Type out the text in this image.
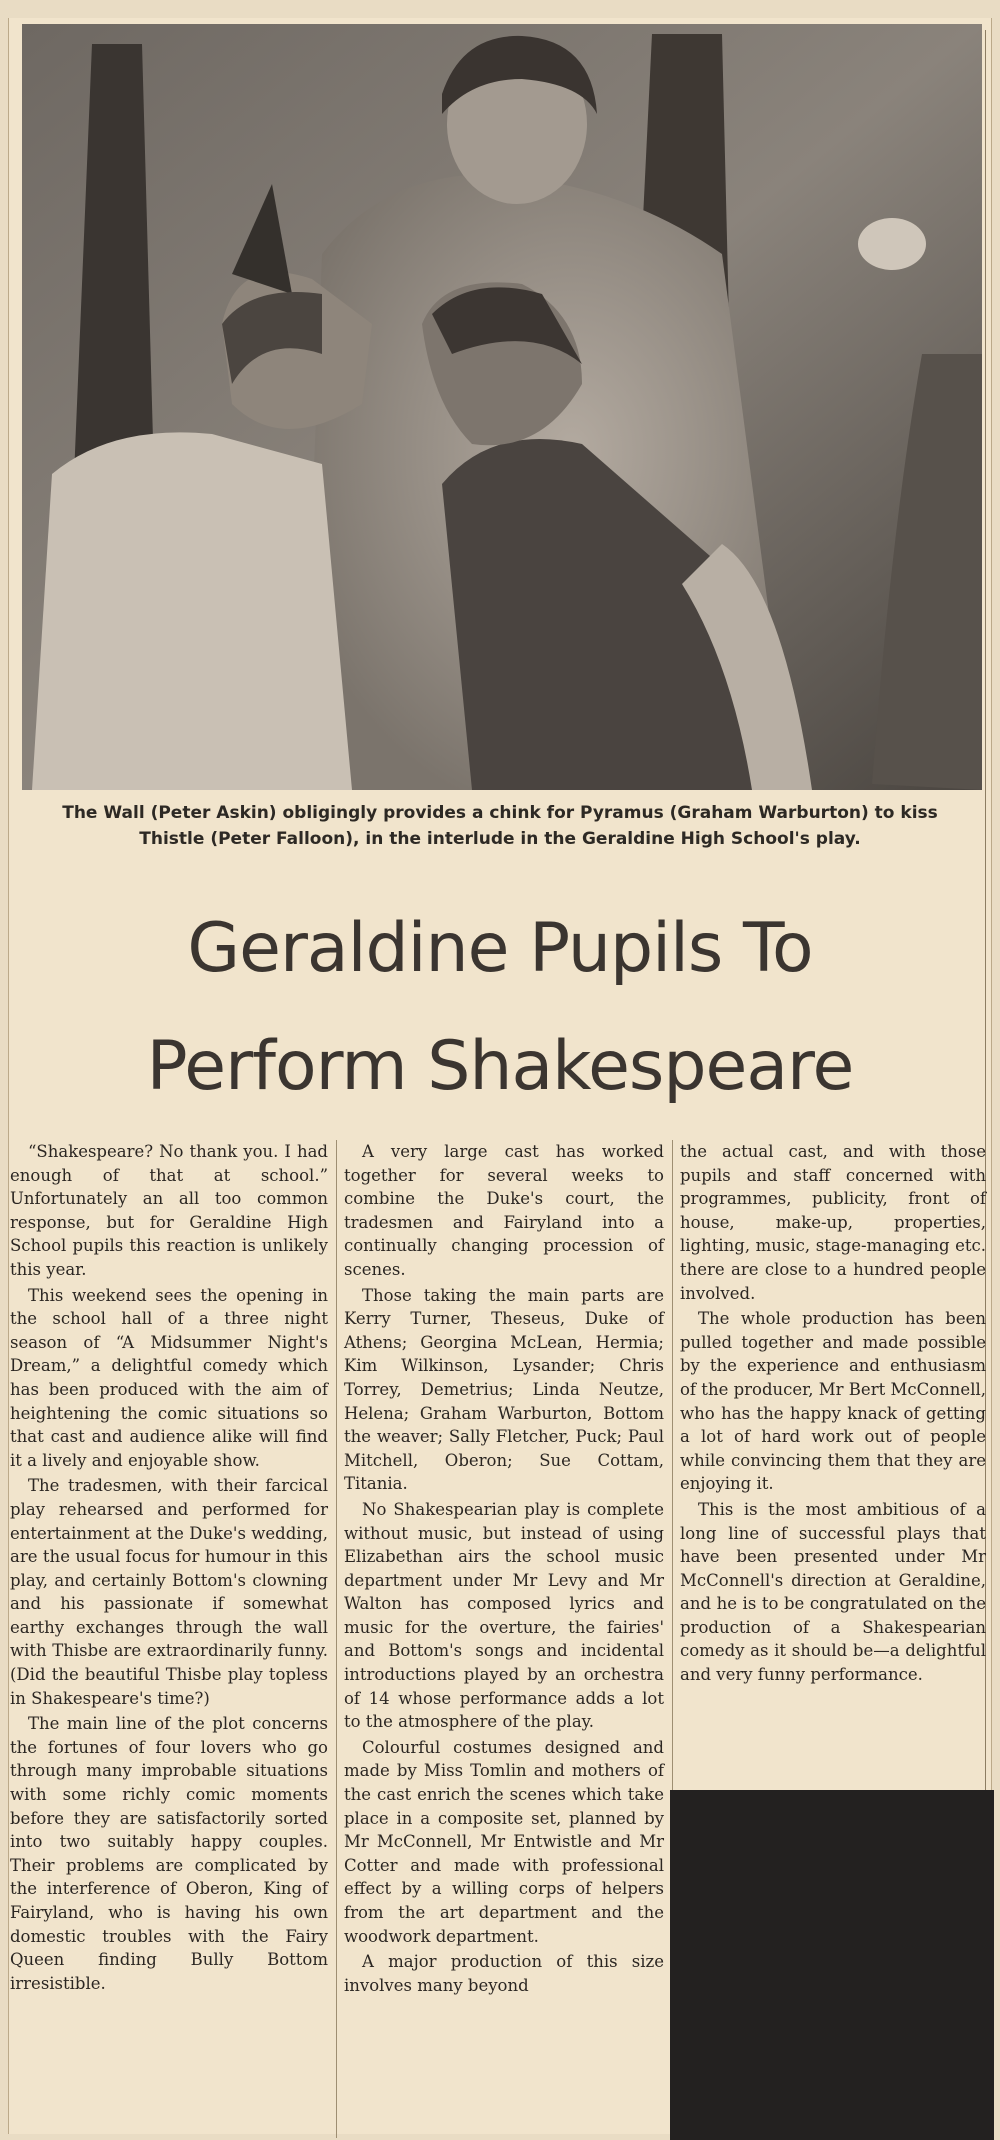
The Wall (Peter Askin) obligingly provides a chink for Pyramus (Graham Warburton) to kiss Thistle (Peter Falloon), in the interlude in the Geraldine High School's play.
Geraldine Pupils To
Perform Shakespeare

“Shakespeare? No thank you. I had enough of that at school.” Unfortunately an all too common response, but for Geraldine High School pupils this reaction is unlikely this year.

This weekend sees the opening in the school hall of a three night season of “A Midsummer Night's Dream,” a delightful comedy which has been produced with the aim of heightening the comic situations so that cast and audience alike will find it a lively and enjoyable show.

The tradesmen, with their farcical play rehearsed and performed for entertainment at the Duke's wedding, are the usual focus for humour in this play, and certainly Bottom's clowning and his passionate if somewhat earthy exchanges through the wall with Thisbe are extraordinarily funny. (Did the beautiful Thisbe play topless in Shakespeare's time?)

The main line of the plot concerns the fortunes of four lovers who go through many improbable situations with some richly comic moments before they are satisfactorily sorted into two suitably happy couples. Their problems are complicated by the interference of Oberon, King of Fairyland, who is having his own domestic troubles with the Fairy Queen finding Bully Bottom irresistible.

A very large cast has worked together for several weeks to combine the Duke's court, the tradesmen and Fairyland into a continually changing procession of scenes.

Those taking the main parts are Kerry Turner, Theseus, Duke of Athens; Georgina McLean, Hermia; Kim Wilkinson, Lysander; Chris Torrey, Demetrius; Linda Neutze, Helena; Graham Warburton, Bottom the weaver; Sally Fletcher, Puck; Paul Mitchell, Oberon; Sue Cottam, Titania.

No Shakespearian play is complete without music, but instead of using Elizabethan airs the school music department under Mr Levy and Mr Walton has composed lyrics and music for the overture, the fairies' and Bottom's songs and incidental introductions played by an orchestra of 14 whose performance adds a lot to the atmosphere of the play.

Colourful costumes designed and made by Miss Tomlin and mothers of the cast enrich the scenes which take place in a composite set, planned by Mr McConnell, Mr Entwistle and Mr Cotter and made with professional effect by a willing corps of helpers from the art department and the woodwork department.

A major production of this size involves many beyond

the actual cast, and with those pupils and staff concerned with programmes, publicity, front of house, make-up, properties, lighting, music, stage-managing etc. there are close to a hundred people involved.

The whole production has been pulled together and made possible by the experience and enthusiasm of the producer, Mr Bert McConnell, who has the happy knack of getting a lot of hard work out of people while convincing them that they are enjoying it.

This is the most ambitious of a long line of successful plays that have been presented under Mr McConnell's direction at Geraldine, and he is to be congratulated on the production of a Shakespearian comedy as it should be—a delightful and very funny performance.
